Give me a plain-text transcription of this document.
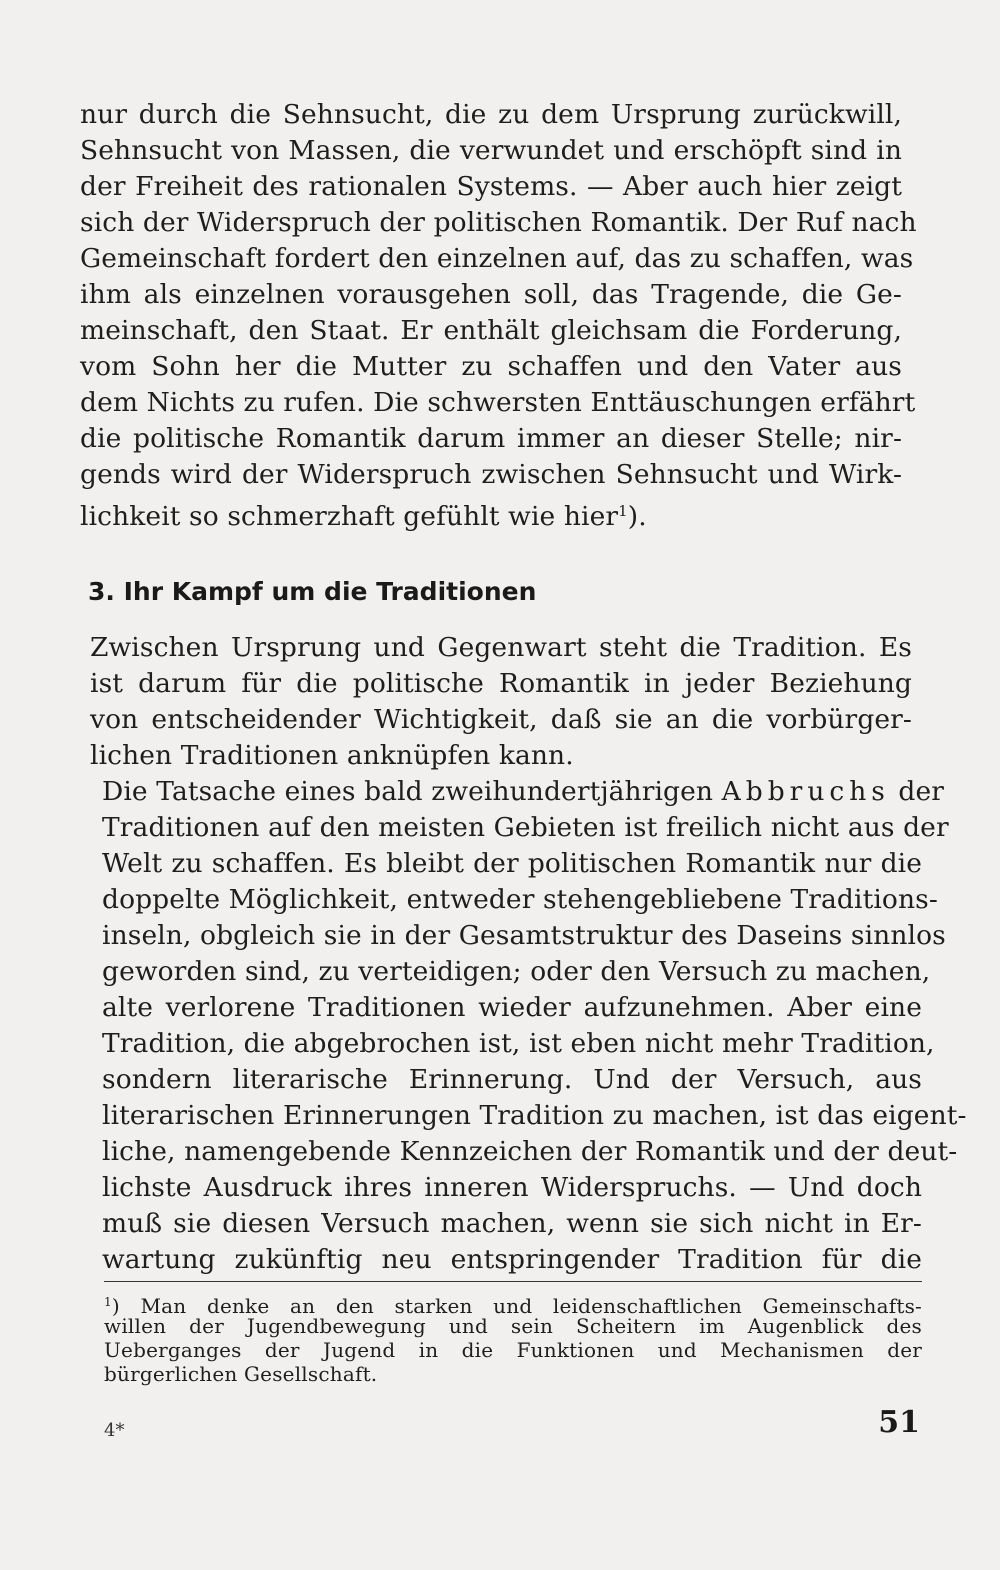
nur durch die Sehnsucht, die zu dem Ursprung zurückwill,
Sehnsucht von Massen, die verwundet und erschöpft sind in
der Freiheit des rationalen Systems. — Aber auch hier zeigt
sich der Widerspruch der politischen Romantik. Der Ruf nach
Gemeinschaft fordert den einzelnen auf, das zu schaffen, was
ihm als einzelnen vorausgehen soll, das Tragende, die Ge-
meinschaft, den Staat. Er enthält gleichsam die Forderung,
vom Sohn her die Mutter zu schaffen und den Vater aus
dem Nichts zu rufen. Die schwersten Enttäuschungen erfährt
die politische Romantik darum immer an dieser Stelle; nir-
gends wird der Widerspruch zwischen Sehnsucht und Wirk-
lichkeit so schmerzhaft gefühlt wie hier$^1$).
3. Ihr Kampf um die Traditionen
Zwischen Ursprung und Gegenwart steht die Tradition. Es
ist darum für die politische Romantik in jeder Beziehung
von entscheidender Wichtigkeit, daß sie an die vorbürger-
lichen Traditionen anknüpfen kann.
Die Tatsache eines bald zweihundertjährigen Abbruchs der
Traditionen auf den meisten Gebieten ist freilich nicht aus der
Welt zu schaffen. Es bleibt der politischen Romantik nur die
doppelte Möglichkeit, entweder stehengebliebene Traditions-
inseln, obgleich sie in der Gesamtstruktur des Daseins sinnlos
geworden sind, zu verteidigen; oder den Versuch zu machen,
alte verlorene Traditionen wieder aufzunehmen. Aber eine
Tradition, die abgebrochen ist, ist eben nicht mehr Tradition,
sondern literarische Erinnerung. Und der Versuch, aus
literarischen Erinnerungen Tradition zu machen, ist das eigent-
liche, namengebende Kennzeichen der Romantik und der deut-
lichste Ausdruck ihres inneren Widerspruchs. — Und doch
muß sie diesen Versuch machen, wenn sie sich nicht in Er-
wartung zukünftig neu entspringender Tradition für die
$^1$) Man denke an den starken und leidenschaftlichen Gemeinschafts-
willen der Jugendbewegung und sein Scheitern im Augenblick des
Ueberganges der Jugend in die Funktionen und Mechanismen der
bürgerlichen Gesellschaft.
4*	51
